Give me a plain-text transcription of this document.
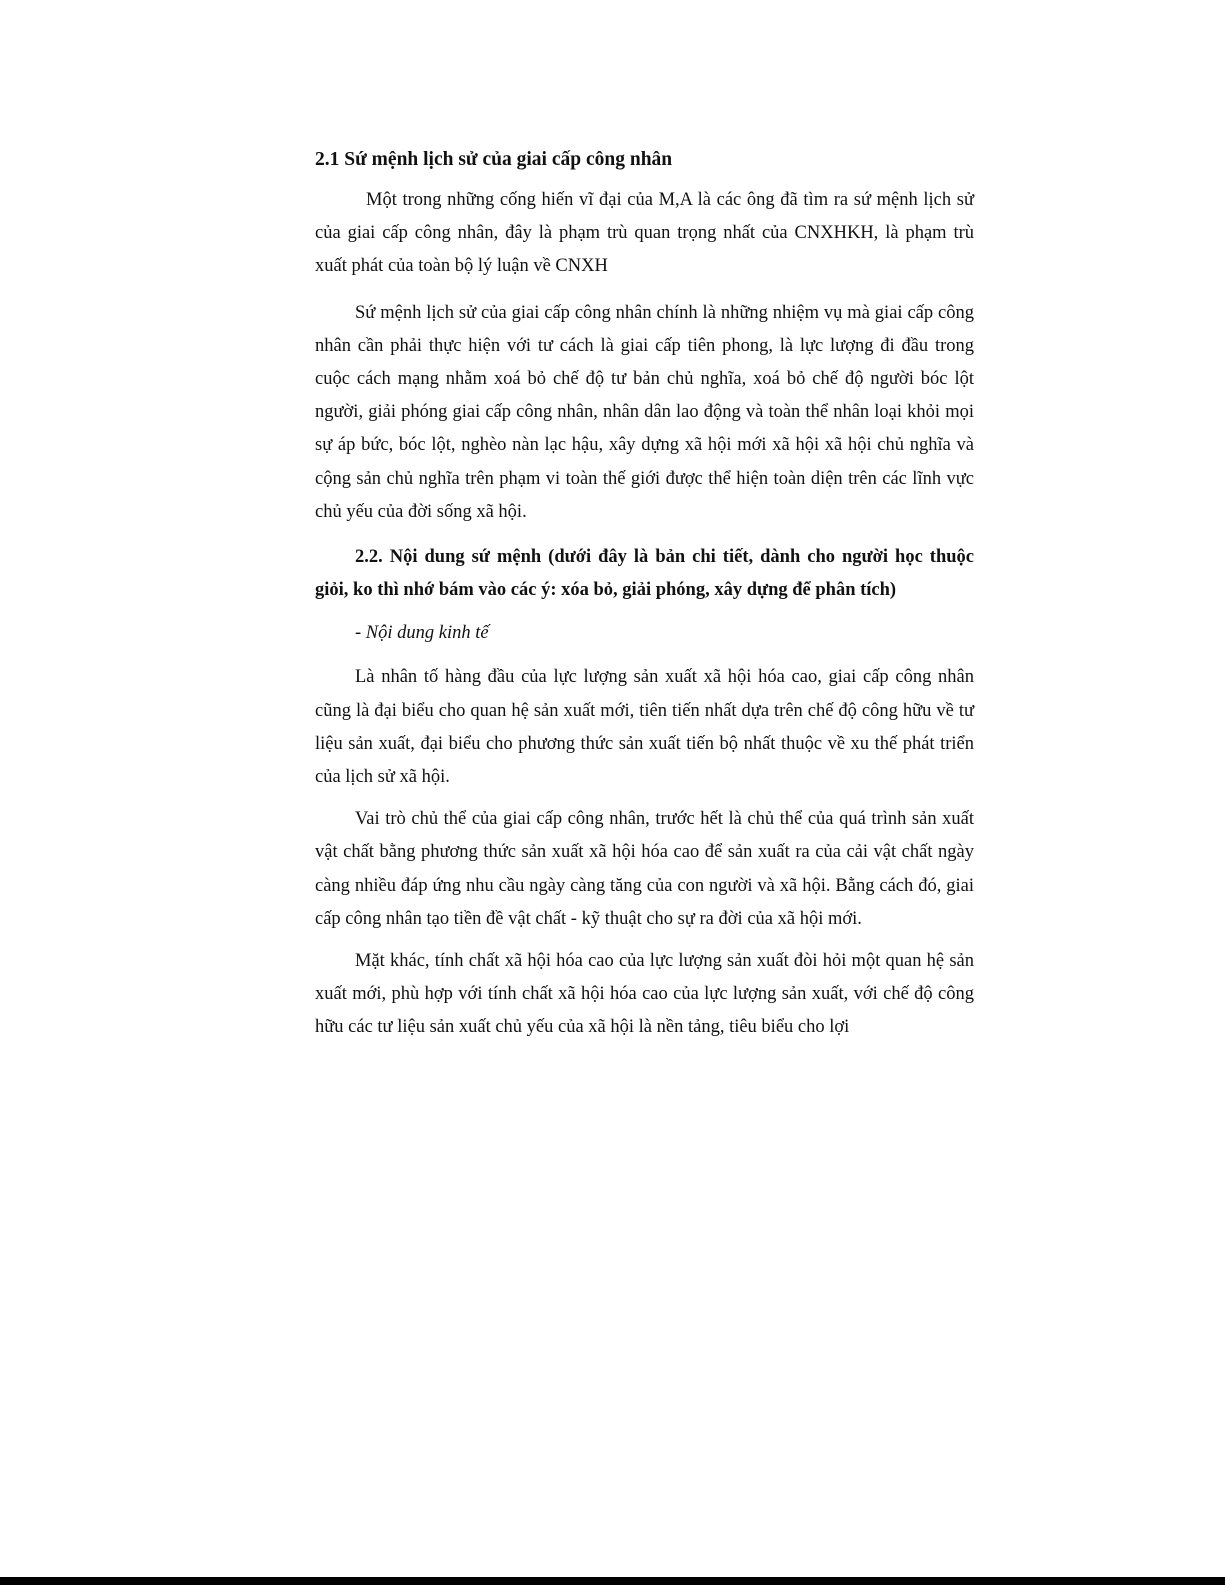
2.1 Sứ mệnh lịch sử của giai cấp công nhân

Một trong những cống hiến vĩ đại của M,A là các ông đã tìm ra sứ mệnh lịch sử của giai cấp công nhân, đây là phạm trù quan trọng nhất của CNXHKH, là phạm trù xuất phát của toàn bộ lý luận về CNXH

Sứ mệnh lịch sử của giai cấp công nhân chính là những nhiệm vụ mà giai cấp công nhân cần phải thực hiện với tư cách là giai cấp tiên phong, là lực lượng đi đầu trong cuộc cách mạng nhằm xoá bỏ chế độ tư bản chủ nghĩa, xoá bỏ chế độ người bóc lột người, giải phóng giai cấp công nhân, nhân dân lao động và toàn thể nhân loại khỏi mọi sự áp bức, bóc lột, nghèo nàn lạc hậu, xây dựng xã hội mới xã hội xã hội chủ nghĩa và cộng sản chủ nghĩa trên phạm vi toàn thế giới được thể hiện toàn diện trên các lĩnh vực chủ yếu của đời sống xã hội.

2.2. Nội dung sứ mệnh (dưới đây là bản chi tiết, dành cho người học thuộc giỏi, ko thì nhớ bám vào các ý: xóa bỏ, giải phóng, xây dựng để phân tích)

- Nội dung kinh tế

Là nhân tố hàng đầu của lực lượng sản xuất xã hội hóa cao, giai cấp công nhân cũng là đại biểu cho quan hệ sản xuất mới, tiên tiến nhất dựa trên chế độ công hữu về tư liệu sản xuất, đại biểu cho phương thức sản xuất tiến bộ nhất thuộc về xu thế phát triển của lịch sử xã hội.

Vai trò chủ thể của giai cấp công nhân, trước hết là chủ thể của quá trình sản xuất vật chất bằng phương thức sản xuất xã hội hóa cao để sản xuất ra của cải vật chất ngày càng nhiều đáp ứng nhu cầu ngày càng tăng của con người và xã hội. Bằng cách đó, giai cấp công nhân tạo tiền đề vật chất - kỹ thuật cho sự ra đời của xã hội mới.

Mặt khác, tính chất xã hội hóa cao của lực lượng sản xuất đòi hỏi một quan hệ sản xuất mới, phù hợp với tính chất xã hội hóa cao của lực lượng sản xuất, với chế độ công hữu các tư liệu sản xuất chủ yếu của xã hội là nền tảng, tiêu biểu cho lợi
